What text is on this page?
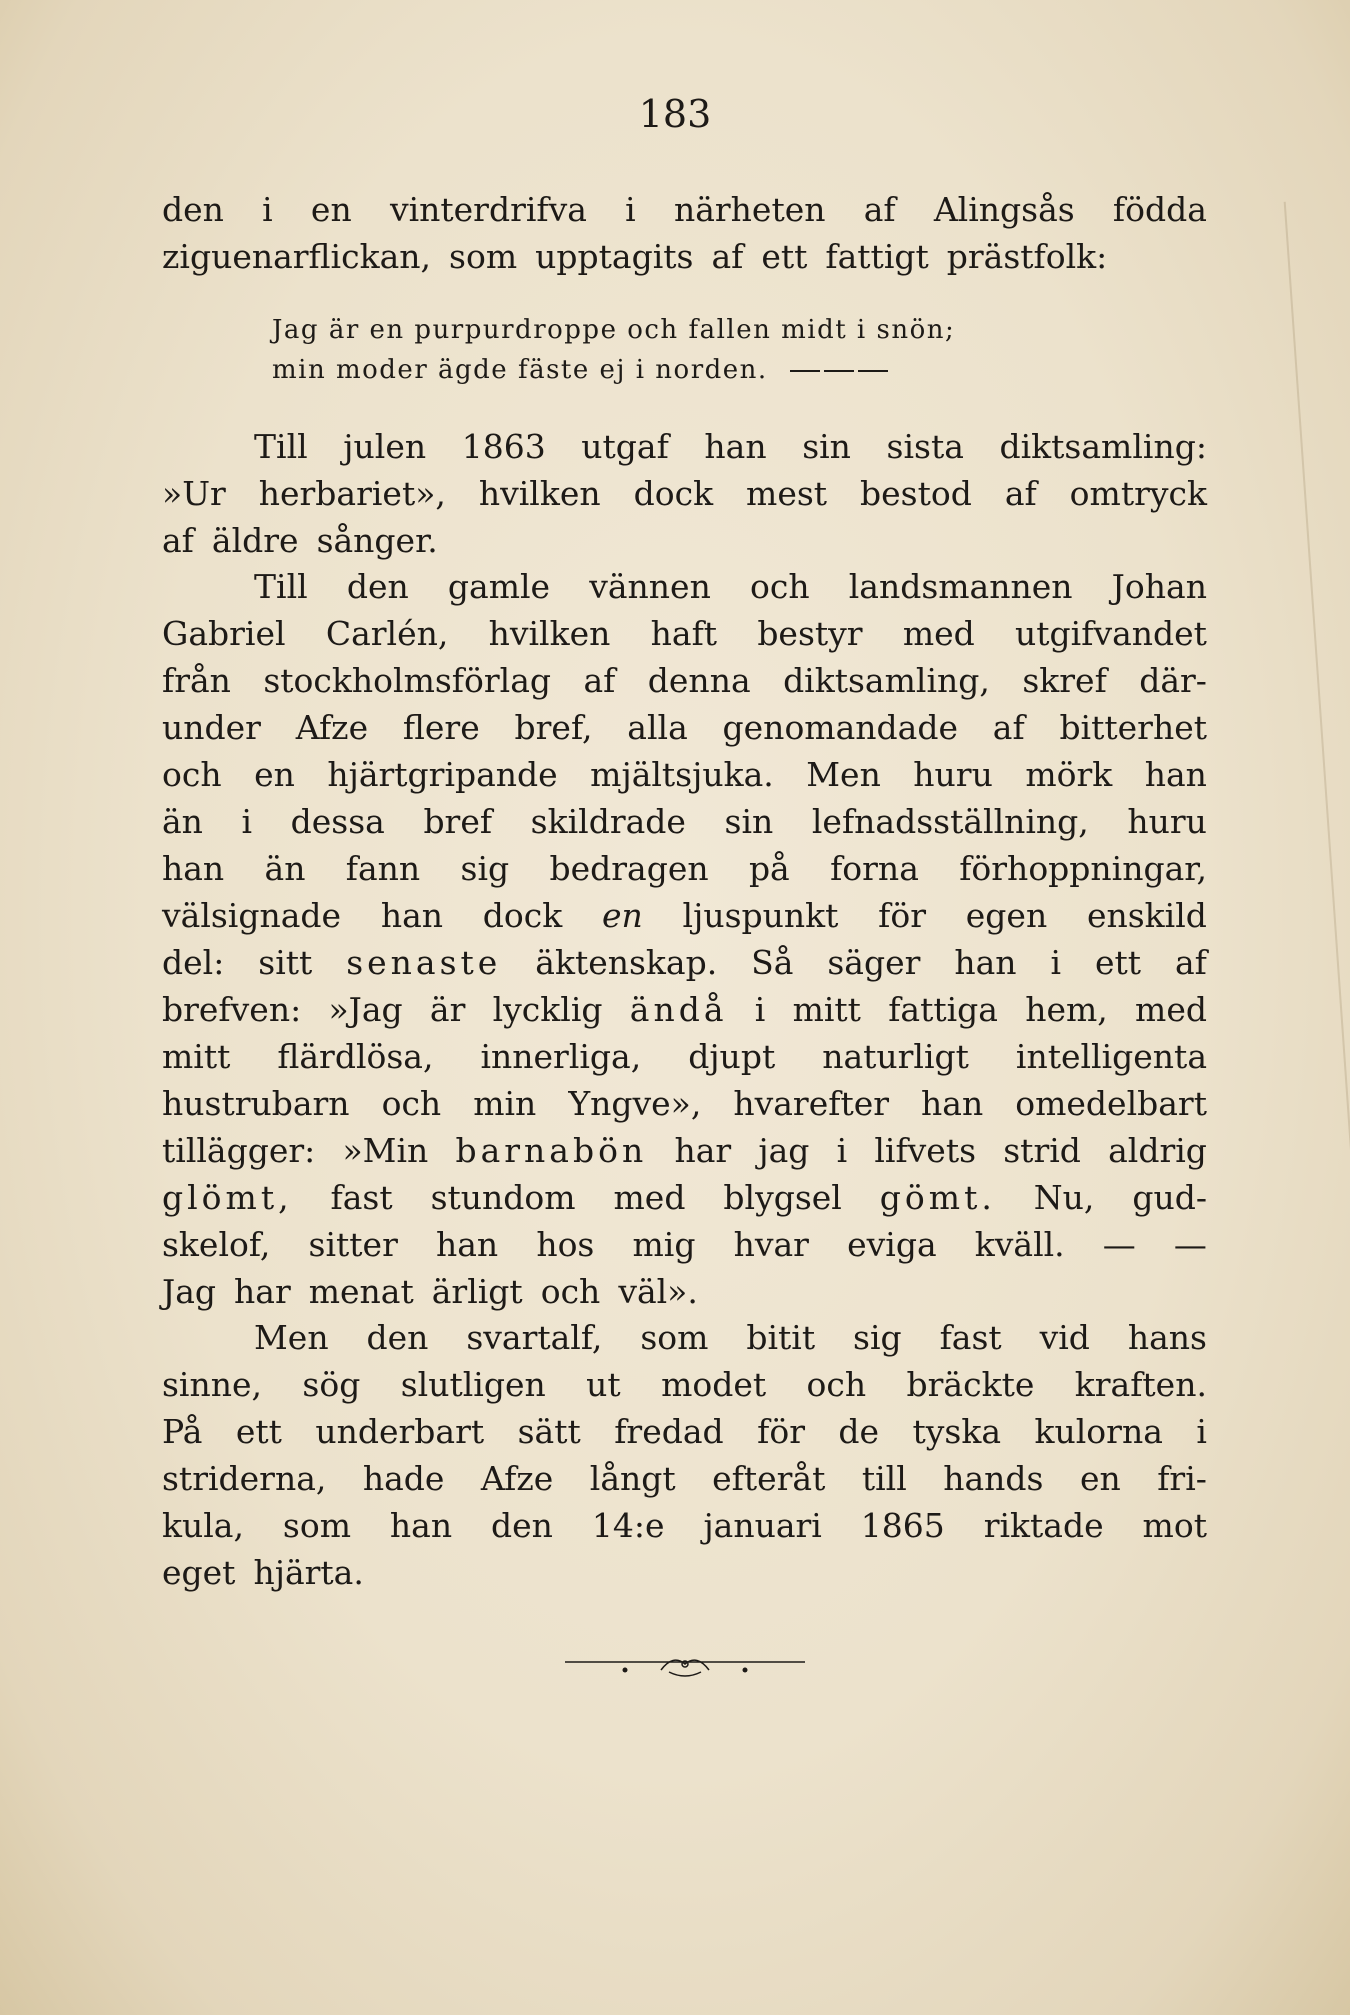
183
den i en vinterdrifva i närheten af Alingsås födda
ziguenarflickan, som upptagits af ett fattigt prästfolk:
Jag är en purpurdroppe och fallen midt i snön;
min moder ägde fäste ej i norden.
Till julen 1863 utgaf han sin sista diktsamling:
»Ur herbariet», hvilken dock mest bestod af omtryck
af äldre sånger.
Till den gamle vännen och landsmannen Johan
Gabriel Carlén, hvilken haft bestyr med utgifvandet
från stockholmsförlag af denna diktsamling, skref där-
under Afze flere bref, alla genomandade af bitterhet
och en hjärtgripande mjältsjuka. Men huru mörk han
än i dessa bref skildrade sin lefnadsställning, huru
han än fann sig bedragen på forna förhoppningar,
välsignade han dock en ljuspunkt för egen enskild
del: sitt senaste äktenskap. Så säger han i ett af
brefven: »Jag är lycklig ändå i mitt fattiga hem, med
mitt flärdlösa, innerliga, djupt naturligt intelligenta
hustrubarn och min Yngve», hvarefter han omedelbart
tillägger: »Min barnabön har jag i lifvets strid aldrig
glömt, fast stundom med blygsel gömt. Nu, gud-
skelof, sitter han hos mig hvar eviga kväll. — —
Jag har menat ärligt och väl».
Men den svartalf, som bitit sig fast vid hans
sinne, sög slutligen ut modet och bräckte kraften.
På ett underbart sätt fredad för de tyska kulorna i
striderna, hade Afze långt efteråt till hands en fri-
kula, som han den 14:e januari 1865 riktade mot
eget hjärta.
